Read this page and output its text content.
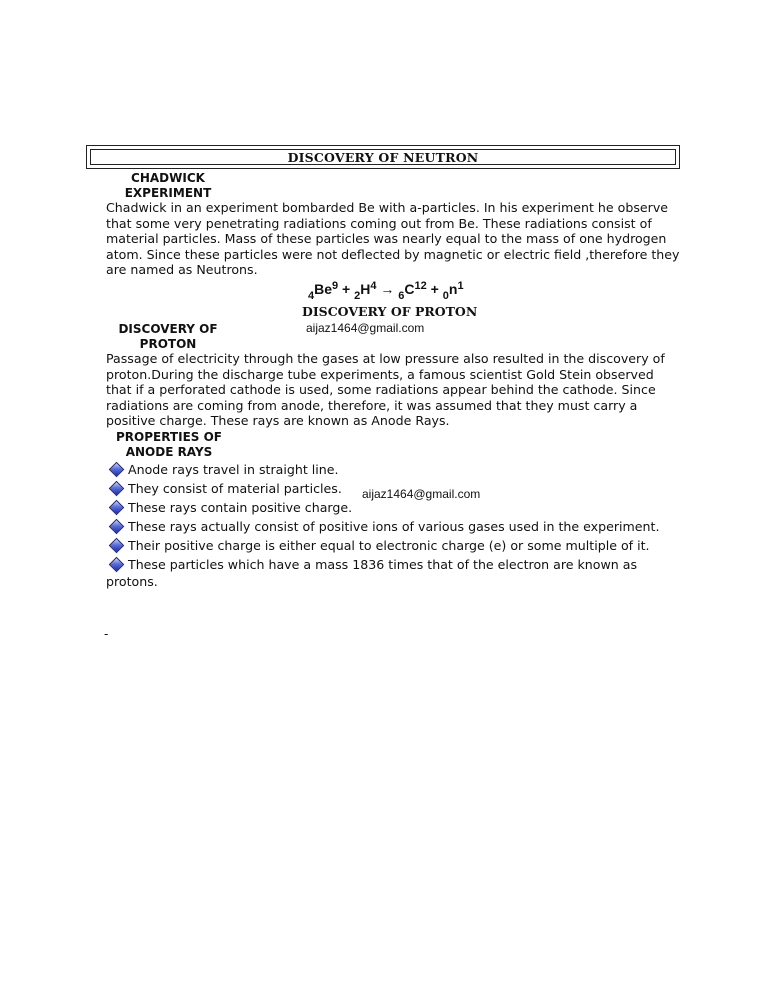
DISCOVERY OF NEUTRON
CHADWICK
EXPERIMENT
Chadwick in an experiment bombarded Be with a-particles. In his experiment he observe
that some very penetrating radiations coming out from Be. These radiations consist of
material particles. Mass of these particles was nearly equal to the mass of one hydrogen
atom. Since these particles were not deflected by magnetic or electric field ,therefore they
are named as Neutrons.
$_4Be^9 + _2H^4 \to _6C^{12} + _0n^1$
DISCOVERY OF PROTON
aijaz1464@gmail.com
DISCOVERY OF
PROTON
Passage of electricity through the gases at low pressure also resulted in the discovery of
proton.During the discharge tube experiments, a famous scientist Gold Stein observed
that if a perforated cathode is used, some radiations appear behind the cathode. Since
radiations are coming from anode, therefore, it was assumed that they must carry a
positive charge. These rays are known as Anode Rays.
PROPERTIES OF
ANODE RAYS
aijaz1464@gmail.com
Anode rays travel in straight line.
They consist of material particles.
These rays contain positive charge.
These rays actually consist of positive ions of various gases used in the experiment.
Their positive charge is either equal to electronic charge (e) or some multiple of it.
These particles which have a mass 1836 times that of the electron are known as
protons.
-
